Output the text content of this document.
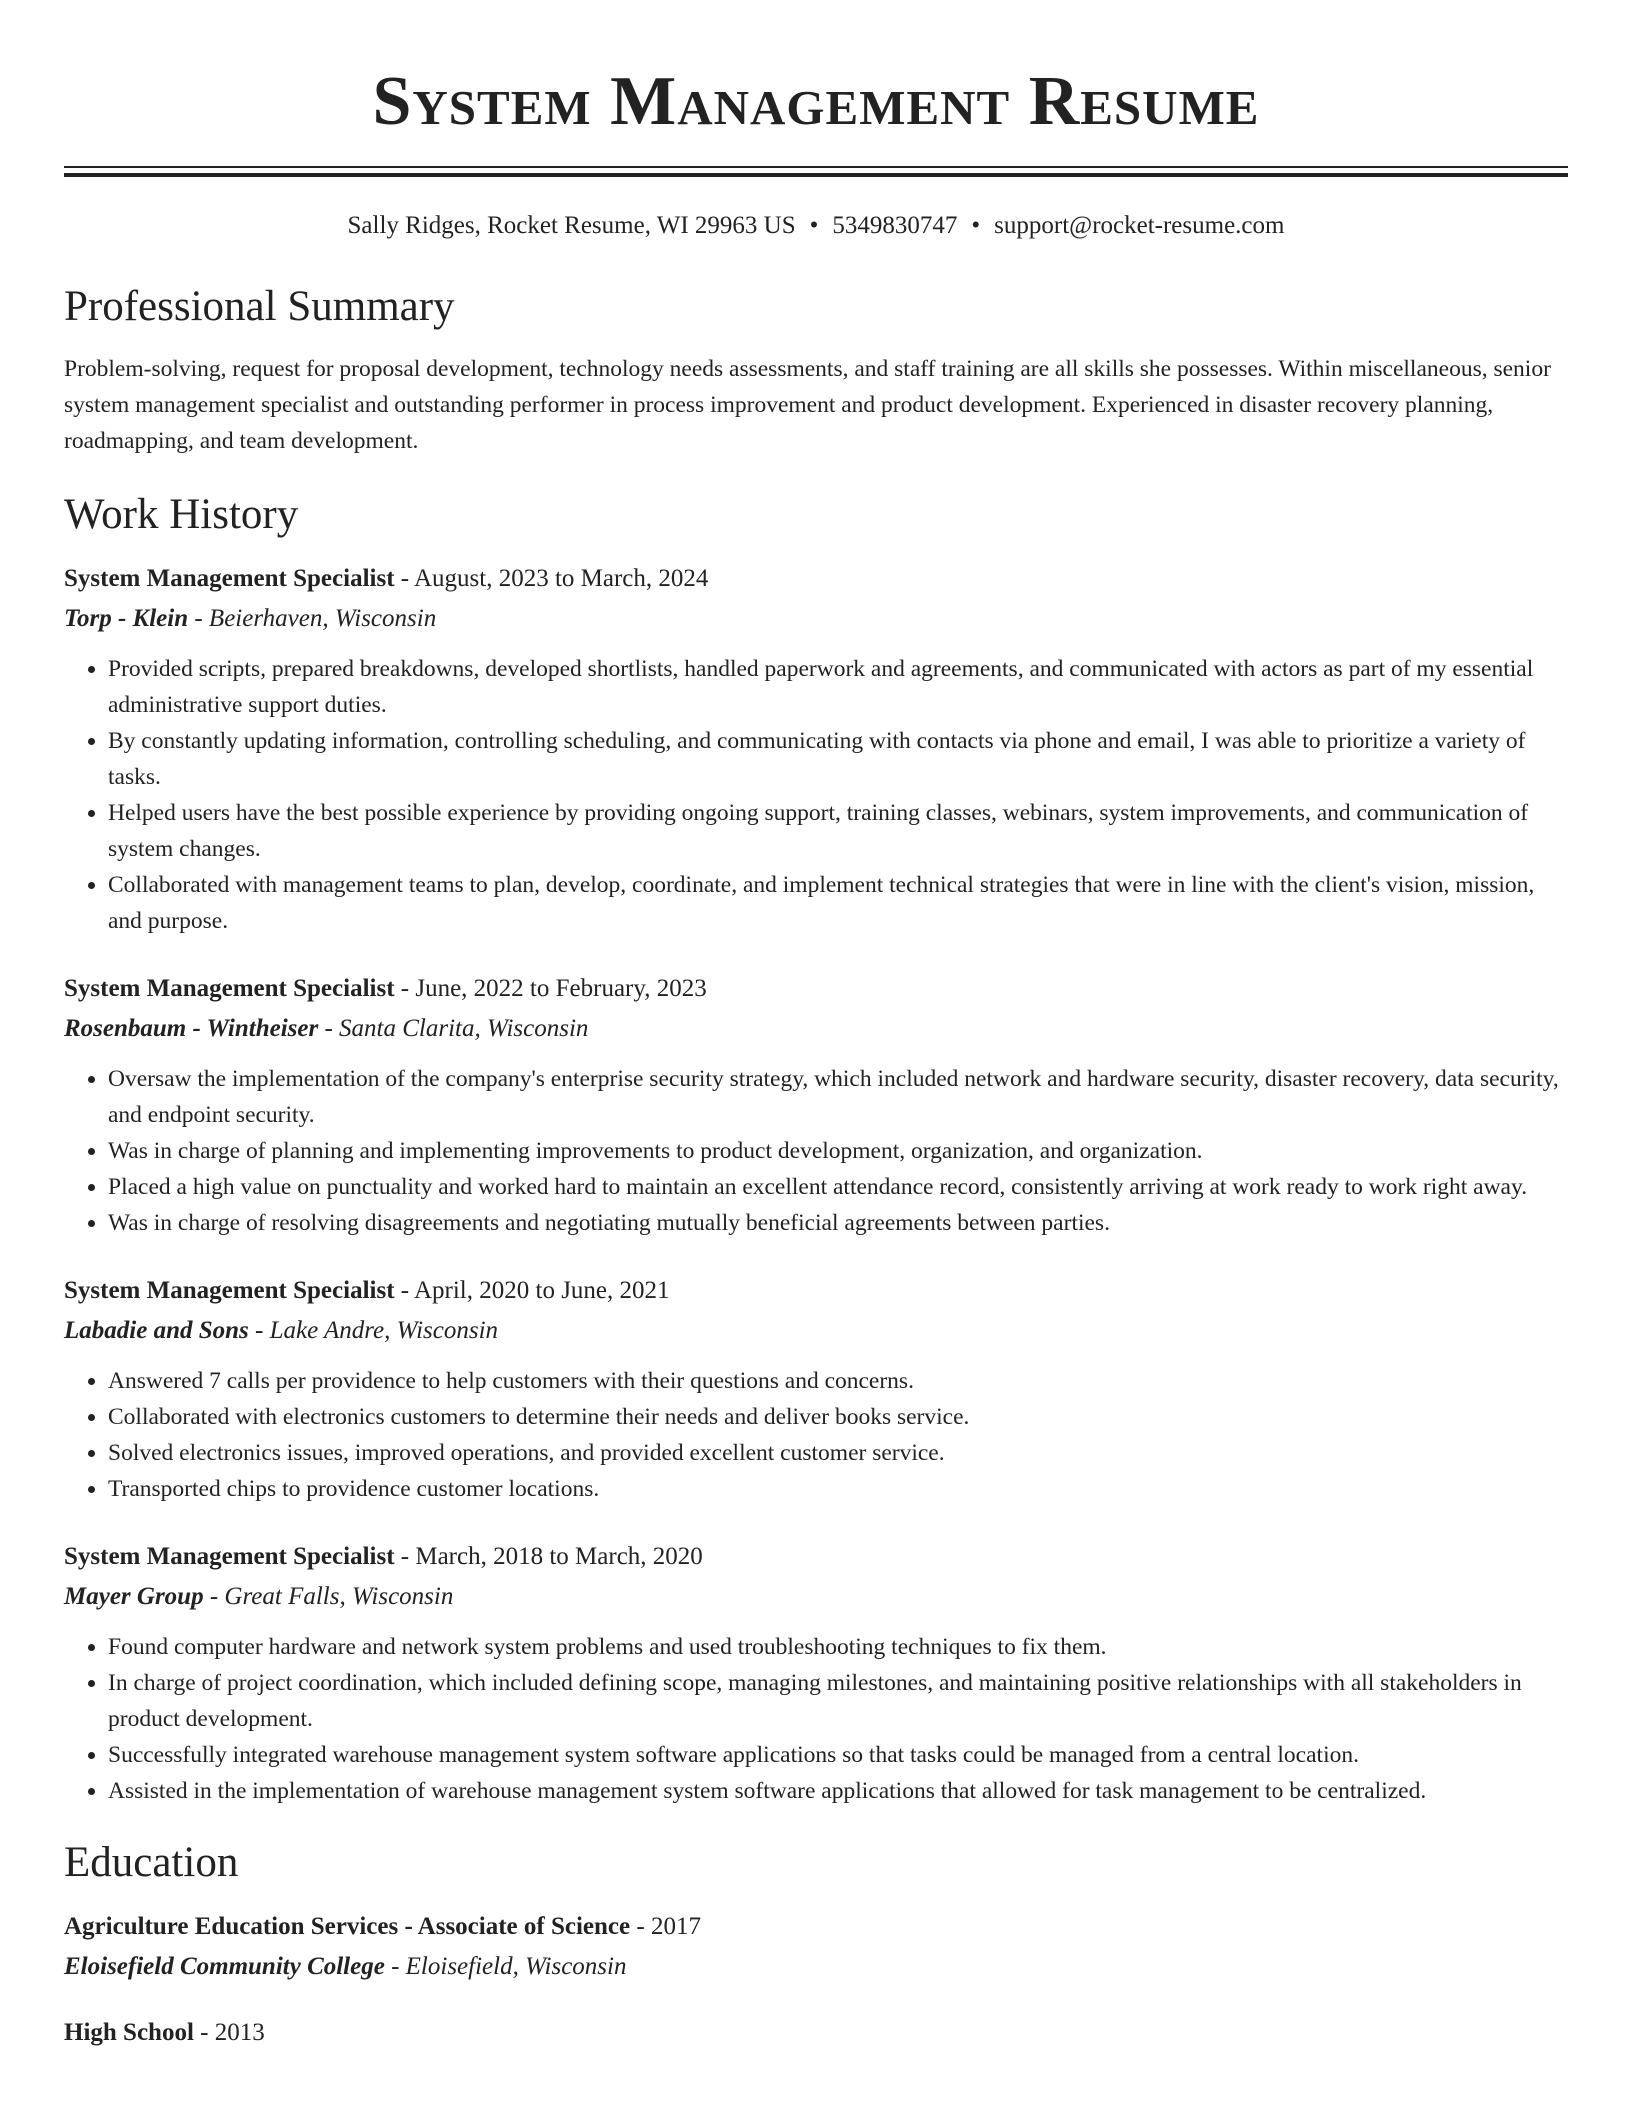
System Management Resume
Sally Ridges, Rocket Resume, WI 29963 US • 5349830747 • support@rocket-resume.com
Professional Summary

Problem-solving, request for proposal development, technology needs assessments, and staff training are all skills she possesses. Within miscellaneous, senior system management specialist and outstanding performer in process improvement and product development. Experienced in disaster recovery planning, roadmapping, and team development.

Work History
System Management Specialist - August, 2023 to March, 2024
Torp - Klein - Beierhaven, Wisconsin
• Provided scripts, prepared breakdowns, developed shortlists, handled paperwork and agreements, and communicated with actors as part of my essential administrative support duties.
• By constantly updating information, controlling scheduling, and communicating with contacts via phone and email, I was able to prioritize a variety of tasks.
• Helped users have the best possible experience by providing ongoing support, training classes, webinars, system improvements, and communication of system changes.
• Collaborated with management teams to plan, develop, coordinate, and implement technical strategies that were in line with the client's vision, mission, and purpose.
System Management Specialist - June, 2022 to February, 2023
Rosenbaum - Wintheiser - Santa Clarita, Wisconsin
• Oversaw the implementation of the company's enterprise security strategy, which included network and hardware security, disaster recovery, data security, and endpoint security.
• Was in charge of planning and implementing improvements to product development, organization, and organization.
• Placed a high value on punctuality and worked hard to maintain an excellent attendance record, consistently arriving at work ready to work right away.
• Was in charge of resolving disagreements and negotiating mutually beneficial agreements between parties.
System Management Specialist - April, 2020 to June, 2021
Labadie and Sons - Lake Andre, Wisconsin
• Answered 7 calls per providence to help customers with their questions and concerns.
• Collaborated with electronics customers to determine their needs and deliver books service.
• Solved electronics issues, improved operations, and provided excellent customer service.
• Transported chips to providence customer locations.
System Management Specialist - March, 2018 to March, 2020
Mayer Group - Great Falls, Wisconsin
• Found computer hardware and network system problems and used troubleshooting techniques to fix them.
• In charge of project coordination, which included defining scope, managing milestones, and maintaining positive relationships with all stakeholders in product development.
• Successfully integrated warehouse management system software applications so that tasks could be managed from a central location.
• Assisted in the implementation of warehouse management system software applications that allowed for task management to be centralized.
Education
Agriculture Education Services - Associate of Science - 2017
Eloisefield Community College - Eloisefield, Wisconsin
High School - 2013
